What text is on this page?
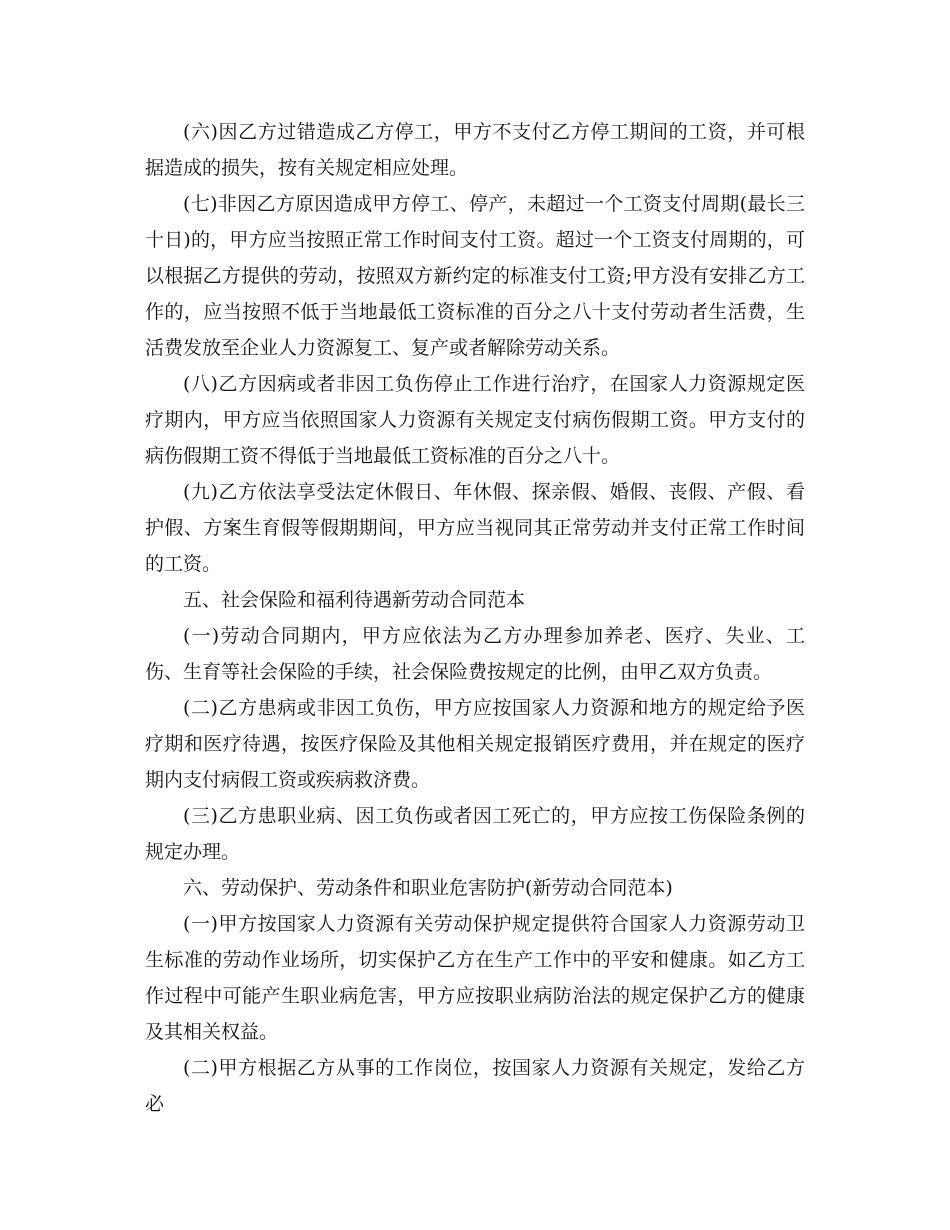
(六)因乙方过错造成乙方停工，甲方不支付乙方停工期间的工资，并可根据造成的损失，按有关规定相应处理。

(七)非因乙方原因造成甲方停工、停产，未超过一个工资支付周期(最长三十日)的，甲方应当按照正常工作时间支付工资。超过一个工资支付周期的，可以根据乙方提供的劳动，按照双方新约定的标准支付工资;甲方没有安排乙方工作的，应当按照不低于当地最低工资标准的百分之八十支付劳动者生活费，生活费发放至企业人力资源复工、复产或者解除劳动关系。

(八)乙方因病或者非因工负伤停止工作进行治疗，在国家人力资源规定医疗期内，甲方应当依照国家人力资源有关规定支付病伤假期工资。甲方支付的病伤假期工资不得低于当地最低工资标准的百分之八十。

(九)乙方依法享受法定休假日、年休假、探亲假、婚假、丧假、产假、看护假、方案生育假等假期期间，甲方应当视同其正常劳动并支付正常工作时间的工资。

五、社会保险和福利待遇新劳动合同范本

(一)劳动合同期内，甲方应依法为乙方办理参加养老、医疗、失业、工伤、生育等社会保险的手续，社会保险费按规定的比例，由甲乙双方负责。

(二)乙方患病或非因工负伤，甲方应按国家人力资源和地方的规定给予医疗期和医疗待遇，按医疗保险及其他相关规定报销医疗费用，并在规定的医疗期内支付病假工资或疾病救济费。

(三)乙方患职业病、因工负伤或者因工死亡的，甲方应按工伤保险条例的规定办理。

六、劳动保护、劳动条件和职业危害防护(新劳动合同范本)

(一)甲方按国家人力资源有关劳动保护规定提供符合国家人力资源劳动卫生标准的劳动作业场所，切实保护乙方在生产工作中的平安和健康。如乙方工作过程中可能产生职业病危害，甲方应按职业病防治法的规定保护乙方的健康及其相关权益。

(二)甲方根据乙方从事的工作岗位，按国家人力资源有关规定，发给乙方必
